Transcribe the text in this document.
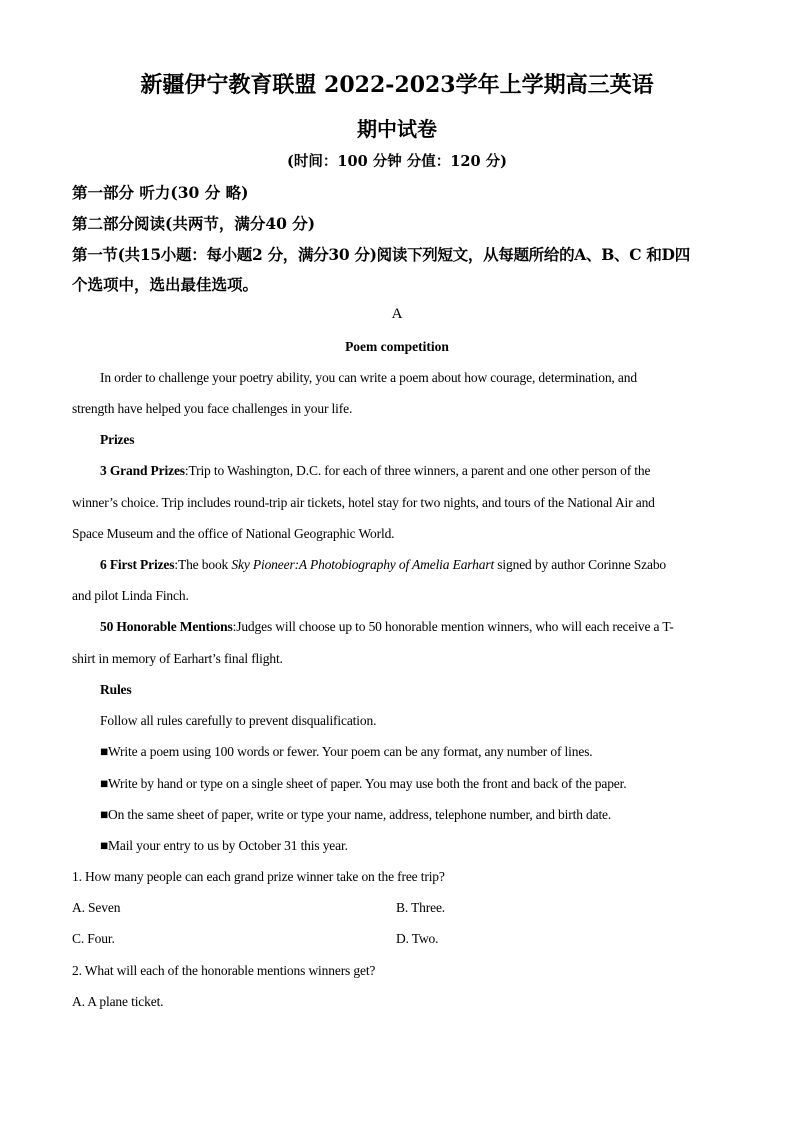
新疆伊宁教育联盟 2022-2023学年上学期高三英语
期中试卷
(时间：100 分钟 分值：120 分)
第一部分 听力(30 分 略)
第二部分阅读(共两节，满分40 分)
第一节(共15小题：每小题2 分，满分30 分)阅读下列短文，从每题所给的A、B、C 和D四
个选项中，选出最佳选项。
A
Poem competition
In order to challenge your poetry ability, you can write a poem about how courage, determination, and
strength have helped you face challenges in your life.
Prizes
3 Grand Prizes:Trip to Washington, D.C. for each of three winners, a parent and one other person of the
winner’s choice. Trip includes round-trip air tickets, hotel stay for two nights, and tours of the National Air and
Space Museum and the office of National Geographic World.
6 First Prizes:The book Sky Pioneer:A Photobiography of Amelia Earhart signed by author Corinne Szabo
and pilot Linda Finch.
50 Honorable Mentions:Judges will choose up to 50 honorable mention winners, who will each receive a T-
shirt in memory of Earhart’s final flight.
Rules
Follow all rules carefully to prevent disqualification.
■Write a poem using 100 words or fewer. Your poem can be any format, any number of lines.
■Write by hand or type on a single sheet of paper. You may use both the front and back of the paper.
■On the same sheet of paper, write or type your name, address, telephone number, and birth date.
■Mail your entry to us by October 31 this year.
1. How many people can each grand prize winner take on the free trip?
A. Seven	B. Three.
C. Four.	D. Two.
2. What will each of the honorable mentions winners get?
A. A plane ticket.
